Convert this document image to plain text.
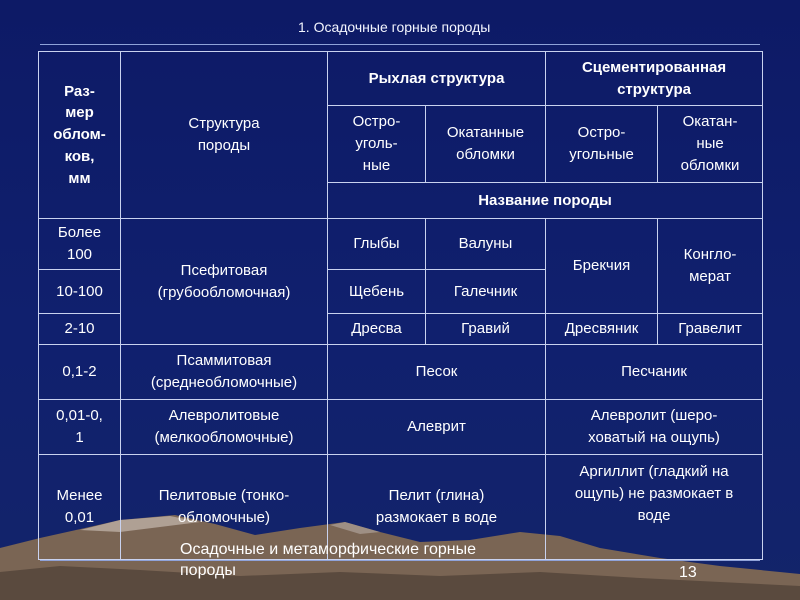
1. Осадочные горные породы
Раз-
мер
облом-
ков,
мм	Структура
породы	Рыхлая структура		Сцементированная
структура	
		Остро-
уголь-
ные	Окатанные
обломки	Остро-
угольные	Окатан-
ные
обломки
		Название породы			
Более
100	Псефитовая
(грубообломочная)	Глыбы	Валуны	Брекчия	Конгло-
мерат
10-100		Щебень	Галечник		
2-10		Дресва	Гравий	Дресвяник	Гравелит
0,1-2	Псаммитовая
(среднеобломочные)	Песок		Песчаник	
0,01-0,
1	Алевролитовые
(мелкообломочные)	Алеврит		Алевролит (шеро-
ховатый на ощупь)	
Менее
0,01	Пелитовые (тонко-
обломочные)	Пелит (глина)
размокает в воде		Аргиллит (гладкий на
ощупь) не размокает в
воде	
Осадочные и метаморфические горные
породы	13
